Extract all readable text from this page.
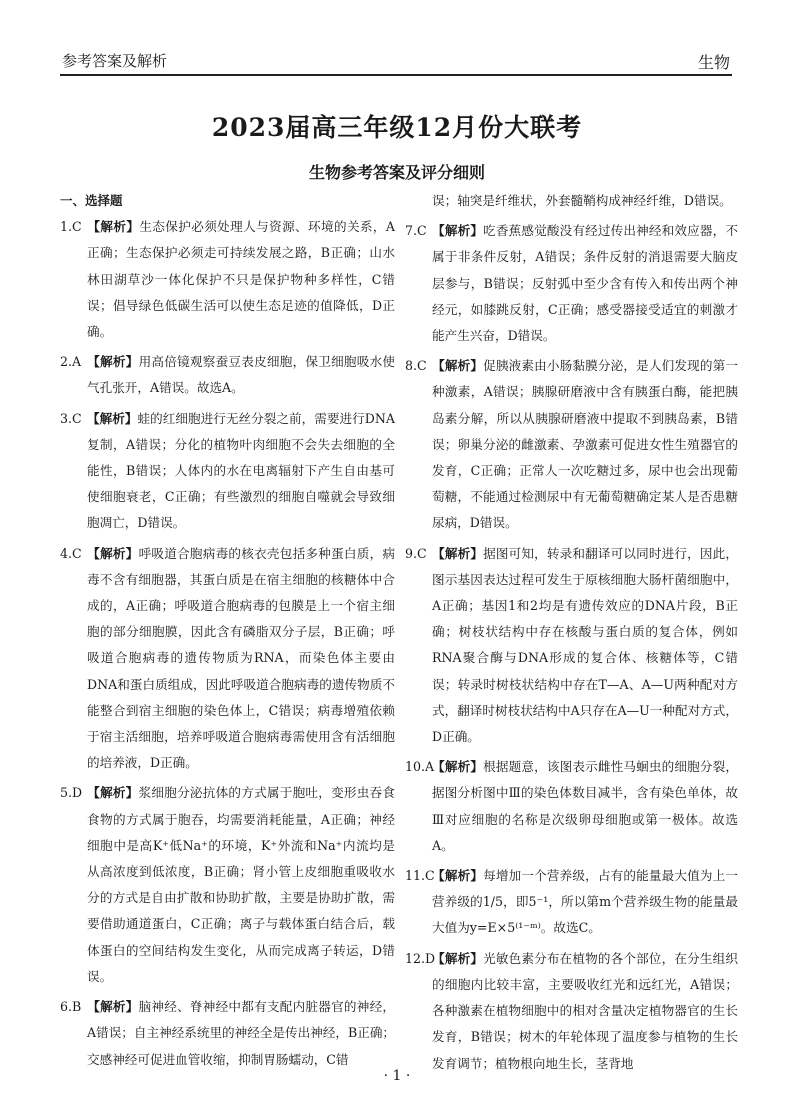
参考答案及解析	生物
2023届高三年级12月份大联考
生物参考答案及评分细则
一、选择题
1.C 【解析】生态保护必须处理人与资源、环境的关系，A正确；生态保护必须走可持续发展之路，B正确；山水林田湖草沙一体化保护不只是保护物种多样性，C错误；倡导绿色低碳生活可以使生态足迹的值降低，D正确。
2.A 【解析】用高倍镜观察蚕豆表皮细胞，保卫细胞吸水使气孔张开，A错误。故选A。
3.C 【解析】蛙的红细胞进行无丝分裂之前，需要进行DNA复制，A错误；分化的植物叶肉细胞不会失去细胞的全能性，B错误；人体内的水在电离辐射下产生自由基可使细胞衰老，C正确；有些激烈的细胞自噬就会导致细胞凋亡，D错误。
4.C 【解析】呼吸道合胞病毒的核衣壳包括多种蛋白质，病毒不含有细胞器，其蛋白质是在宿主细胞的核糖体中合成的，A正确；呼吸道合胞病毒的包膜是上一个宿主细胞的部分细胞膜，因此含有磷脂双分子层，B正确；呼吸道合胞病毒的遗传物质为RNA，而染色体主要由DNA和蛋白质组成，因此呼吸道合胞病毒的遗传物质不能整合到宿主细胞的染色体上，C错误；病毒增殖依赖于宿主活细胞，培养呼吸道合胞病毒需使用含有活细胞的培养液，D正确。
5.D 【解析】浆细胞分泌抗体的方式属于胞吐，变形虫吞食食物的方式属于胞吞，均需要消耗能量，A正确；神经细胞中是高K⁺低Na⁺的环境，K⁺外流和Na⁺内流均是从高浓度到低浓度，B正确；肾小管上皮细胞重吸收水分的方式是自由扩散和协助扩散，主要是协助扩散，需要借助通道蛋白，C正确；离子与载体蛋白结合后，载体蛋白的空间结构发生变化，从而完成离子转运，D错误。
6.B 【解析】脑神经、脊神经中都有支配内脏器官的神经，A错误；自主神经系统里的神经全是传出神经，B正确；交感神经可促进血管收缩，抑制胃肠蠕动，C错
误；轴突是纤维状，外套髓鞘构成神经纤维，D错误。
7.C 【解析】吃香蕉感觉酸没有经过传出神经和效应器，不属于非条件反射，A错误；条件反射的消退需要大脑皮层参与，B错误；反射弧中至少含有传入和传出两个神经元，如膝跳反射，C正确；感受器接受适宜的刺激才能产生兴奋，D错误。
8.C 【解析】促胰液素由小肠黏膜分泌，是人们发现的第一种激素，A错误；胰腺研磨液中含有胰蛋白酶，能把胰岛素分解，所以从胰腺研磨液中提取不到胰岛素，B错误；卵巢分泌的雌激素、孕激素可促进女性生殖器官的发育，C正确；正常人一次吃糖过多，尿中也会出现葡萄糖，不能通过检测尿中有无葡萄糖确定某人是否患糖尿病，D错误。
9.C 【解析】据图可知，转录和翻译可以同时进行，因此，图示基因表达过程可发生于原核细胞大肠杆菌细胞中，A正确；基因1和2均是有遗传效应的DNA片段，B正确；树枝状结构中存在核酸与蛋白质的复合体，例如RNA聚合酶与DNA形成的复合体、核糖体等，C错误；转录时树枝状结构中存在T—A、A—U两种配对方式，翻译时树枝状结构中A只存在A—U一种配对方式，D正确。
10.A【解析】根据题意，该图表示雌性马蛔虫的细胞分裂，据图分析图中Ⅲ的染色体数目减半，含有染色单体，故Ⅲ对应细胞的名称是次级卵母细胞或第一极体。故选A。
11.C【解析】每增加一个营养级，占有的能量最大值为上一营养级的1/5，即5⁻¹，所以第m个营养级生物的能量最大值为y=E×5⁽¹⁻ᵐ⁾。故选C。
12.D【解析】光敏色素分布在植物的各个部位，在分生组织的细胞内比较丰富，主要吸收红光和远红光，A错误；各种激素在植物细胞中的相对含量决定植物器官的生长发育，B错误；树木的年轮体现了温度参与植物的生长发育调节；植物根向地生长，茎背地
· 1 ·
